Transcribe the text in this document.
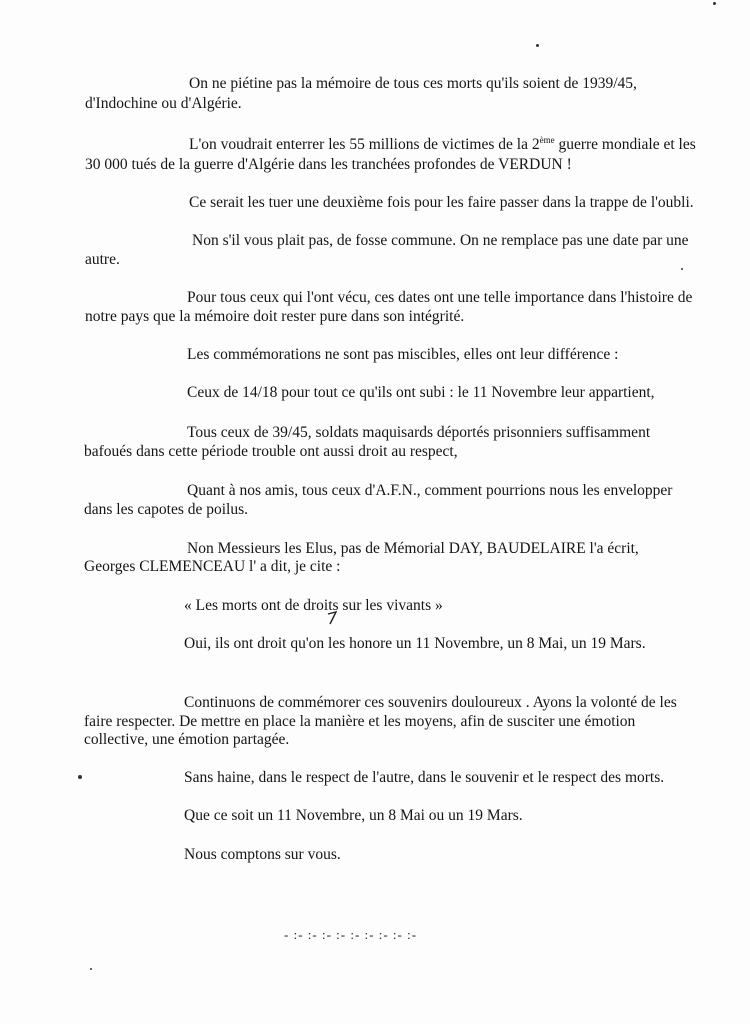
On ne piétine pas la mémoire de tous ces morts qu'ils soient de 1939/45,
d'Indochine ou d'Algérie.
L'on voudrait enterrer les 55 millions de victimes de la 2ème guerre mondiale et les
30 000 tués de la guerre d'Algérie dans les tranchées profondes de VERDUN !
Ce serait les tuer une deuxième fois pour les faire passer dans la trappe de l'oubli.
Non s'il vous plait pas, de fosse commune. On ne remplace pas une date par une
autre.
Pour tous ceux qui l'ont vécu, ces dates ont une telle importance dans l'histoire de
notre pays que la mémoire doit rester pure dans son intégrité.
Les commémorations ne sont pas miscibles, elles ont leur différence :
Ceux de 14/18 pour tout ce qu'ils ont subi : le 11 Novembre leur appartient,
Tous ceux de 39/45, soldats maquisards déportés prisonniers suffisamment
bafoués dans cette période trouble ont aussi droit au respect,
Quant à nos amis, tous ceux d'A.F.N., comment pourrions nous les envelopper
dans les capotes de poilus.
Non Messieurs les Elus, pas de Mémorial DAY, BAUDELAIRE l'a écrit,
Georges CLEMENCEAU l' a dit, je cite :
« Les morts ont de droits sur les vivants »
Oui, ils ont droit qu'on les honore un 11 Novembre, un 8 Mai, un 19 Mars.
Continuons de commémorer ces souvenirs douloureux . Ayons la volonté de les
faire respecter. De mettre en place la manière et les moyens, afin de susciter une émotion
collective, une émotion partagée.
Sans haine, dans le respect de l'autre, dans le souvenir et le respect des morts.
Que ce soit un 11 Novembre, un 8 Mai ou un 19 Mars.
Nous comptons sur vous.
- :- :- :- :- :- :- :- :- :-
